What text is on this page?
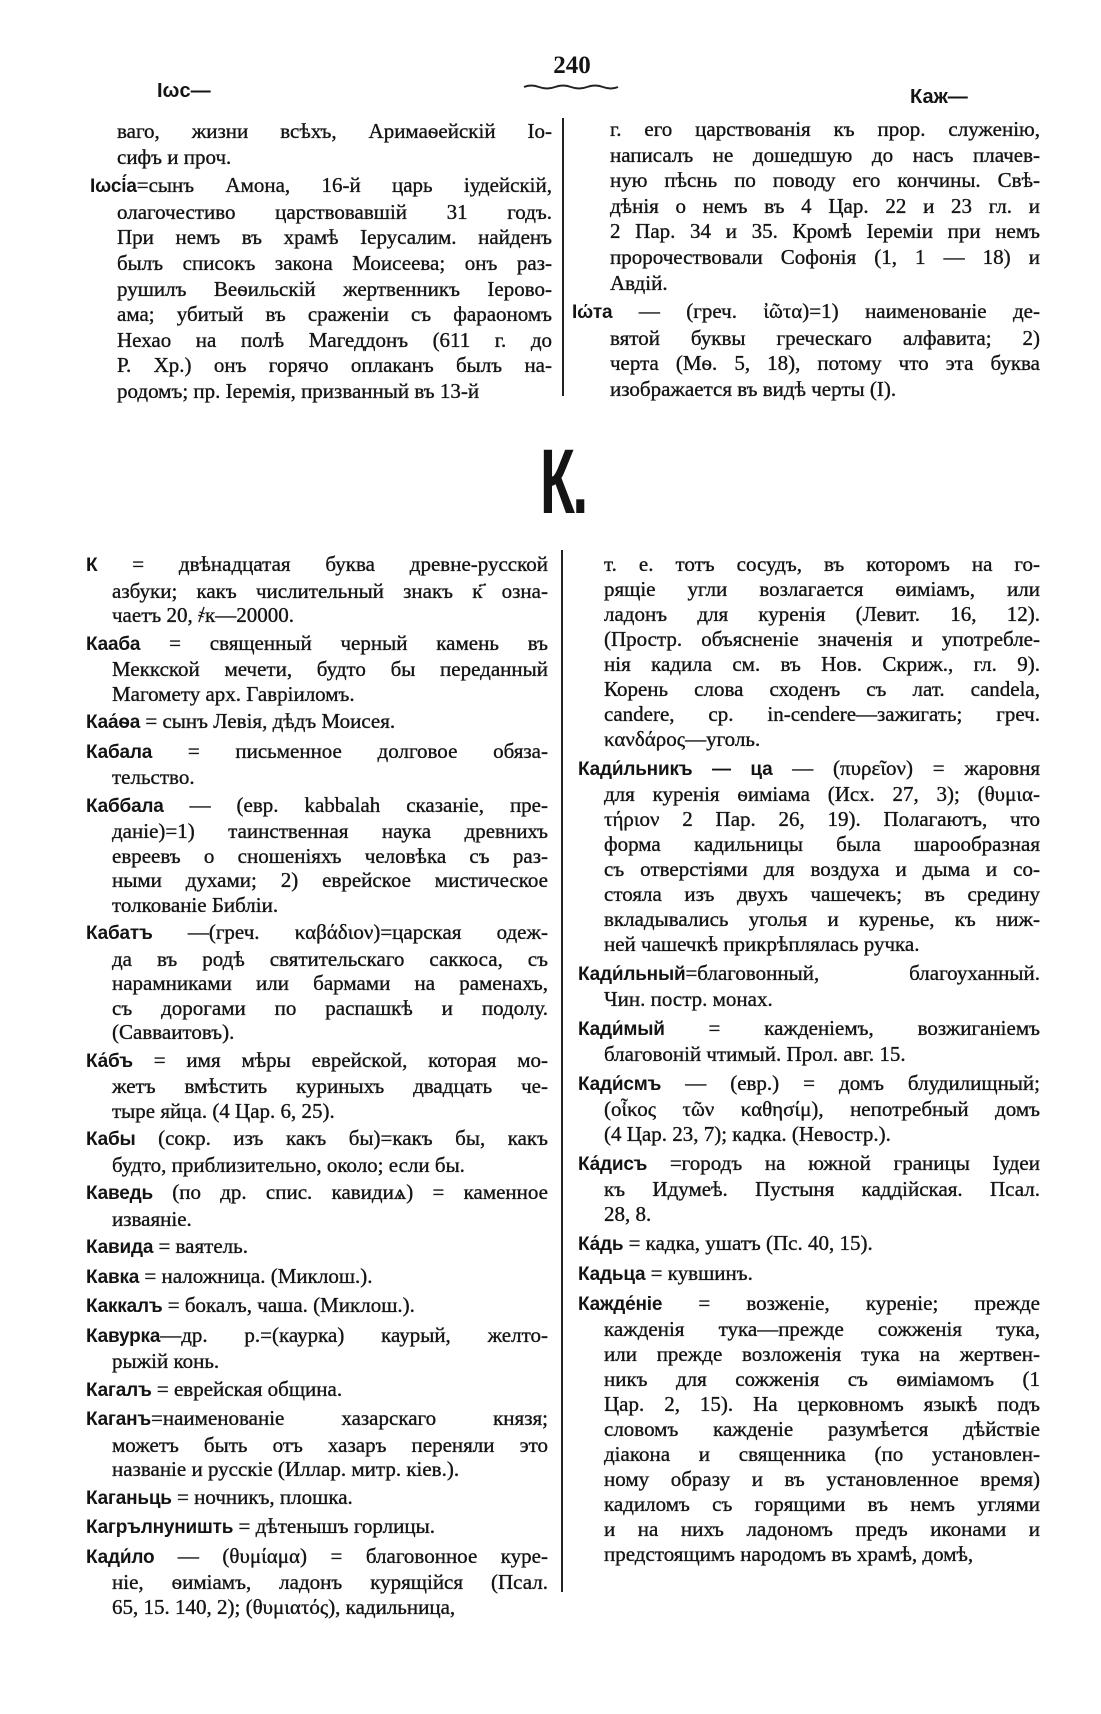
Іωс—
240
Каж—
ваго, жизни всѣхъ, Аримаѳейскій Іо-
сифъ и проч.
Іωсі́а=сынъ Амона, 16-й царь іудейскій,
олагочестиво царствовавшій 31 годъ.
При немъ въ храмѣ Іерусалим. найденъ
былъ списокъ закона Моисеева; онъ раз-
рушилъ Веѳильскій жертвенникъ Іерово-
ама; убитый въ сраженіи съ фараономъ
Нехао на полѣ Магеддонъ (611 г. до
Р. Хр.) онъ горячо оплаканъ былъ на-
родомъ; пр. Іеремія, призванный въ 13-й
г. его царствованія къ прор. служенію,
написалъ не дошедшую до насъ плачев-
ную пѣснь по поводу его кончины. Свѣ-
дѣнія о немъ въ 4 Цар. 22 и 23 гл. и
2 Пар. 34 и 35. Кромѣ Іереміи при немъ
пророчествовали Софонія (1, 1 — 18) и
Авдій.
Іώта — (греч. ἰῶτα)=1) наименованіе де-
вятой буквы греческаго алфавита; 2)
черта (Мѳ. 5, 18), потому что эта буква
изображается въ видѣ черты (I).
К.
К = двѣнадцатая буква древне-русской
азбуки; какъ числительный знакъ к҃ озна-
чаетъ 20, ҂к—20000.
Кааба = священный черный камень въ
Меккской мечети, будто бы переданный
Магомету арх. Гавріиломъ.
Каа́ѳа = сынъ Левія, дѣдъ Моисея.
Кабала = письменное долговое обяза-
тельство.
Каббала — (евр. kabbalah сказаніе, пре-
даніе)=1) таинственная наука древнихъ
евреевъ о сношеніяхъ человѣка съ раз-
ными духами; 2) еврейское мистическое
толкованіе Библіи.
Кабатъ —(греч. καβάδιον)=царская одеж-
да въ родѣ святительскаго саккоса, съ
нарамниками или бармами на раменахъ,
съ дорогами по распашкѣ и подолу.
(Савваитовъ).
Ка́бъ = имя мѣры еврейской, которая мо-
жетъ вмѣстить куриныхъ двадцать че-
тыре яйца. (4 Цар. 6, 25).
Кабы (сокр. изъ какъ бы)=какъ бы, какъ
будто, приблизительно, около; если бы.
Каведь (по др. спис. кавидиѧ) = каменное
изваяніе.
Кавида = ваятель.
Кавка = наложница. (Миклош.).
Каккалъ = бокалъ, чаша. (Миклош.).
Кавурка—др. р.=(каурка) каурый, желто-
рыжій конь.
Кагалъ = еврейская община.
Каганъ=наименованіе хазарскаго князя;
можетъ быть отъ хазаръ переняли это
названіе и русскіе (Иллар. митр. кіев.).
Каганьць = ночникъ, плошка.
Кагрълнуништь = дѣтенышъ горлицы.
Кади́ло — (θυμίαμα) = благовонное куре-
ніе, ѳиміамъ, ладонъ курящійся (Псал.
65, 15. 140, 2); (θυμιατός), кадильница,
т. е. тотъ сосудъ, въ которомъ на го-
рящіе угли возлагается ѳиміамъ, или
ладонъ для куренія (Левит. 16, 12).
(Простр. объясненіе значенія и употребле-
нія кадила см. въ Нов. Скриж., гл. 9).
Корень слова сходенъ съ лат. candela,
candere, ср. in-cendere—зажигать; греч.
κανδάρος—уголь.
Кади́льникъ — ца — (πυρεῖον) = жаровня
для куренія ѳиміама (Исх. 27, 3); (θυμια-
τήριον 2 Пар. 26, 19). Полагаютъ, что
форма кадильницы была шарообразная
съ отверстіями для воздуха и дыма и со-
стояла изъ двухъ чашечекъ; въ средину
вкладывались уголья и куренье, къ ниж-
ней чашечкѣ прикрѣплялась ручка.
Кади́льный=благовонный, благоуханный.
Чин. постр. монах.
Кади́мый = кажденіемъ, возжиганіемъ
благовоній чтимый. Прол. авг. 15.
Кади́смъ — (евр.) = домъ блудилищный;
(οἶκος τῶν καθησίμ), непотребный домъ
(4 Цар. 23, 7); кадка. (Невостр.).
Ка́дисъ =городъ на южной границы Іудеи
къ Идумеѣ. Пустыня каддійская. Псал.
28, 8.
Ка́дь = кадка, ушатъ (Пс. 40, 15).
Кадьца = кувшинъ.
Кажде́ніе = возженіе, куреніе; прежде
кажденія тука—прежде сожженія тука,
или прежде возложенія тука на жертвен-
никъ для сожженія съ ѳиміамомъ (1
Цар. 2, 15). На церковномъ языкѣ подъ
словомъ кажденіе разумѣется дѣйствіе
діакона и священника (по установлен-
ному образу и въ установленное время)
кадиломъ съ горящими въ немъ углями
и на нихъ ладономъ предъ иконами и
предстоящимъ народомъ въ храмѣ, домѣ,
